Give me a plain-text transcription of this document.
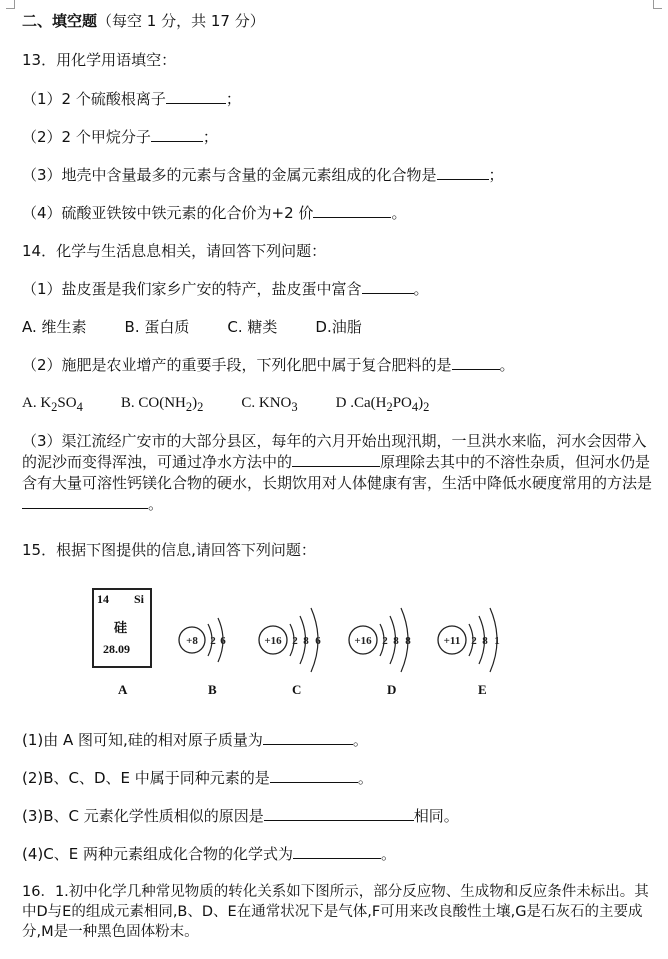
二、填空题（每空 1 分，共 17 分）
13．用化学用语填空：
（1）2 个硫酸根离子	；
（2）2 个甲烷分子	；
（3）地壳中含量最多的元素与含量的金属元素组成的化合物是	；
（4）硫酸亚铁铵中铁元素的化合价为+2 价	。
14．化学与生活息息相关，请回答下列问题：
（1）盐皮蛋是我们家乡广安的特产，盐皮蛋中富含	。
A. 维生素	B. 蛋白质	C. 糖类	D.油脂
（2）施肥是农业增产的重要手段，下列化肥中属于复合肥料的是	。
A. $K_2SO_4$	B. $CO(NH_2)_2$	C. $KNO_3$	D $.Ca(H_2PO_4)_2$
（3）渠江流经广安市的大部分县区，每年的六月开始出现汛期，一旦洪水来临，河水会因带入的泥沙而变得浑浊，可通过净水方法中的	原理除去其中的不溶性杂质，但河水仍是含有大量可溶性钙镁化合物的硬水，长期饮用对人体健康有害，生活中降低水硬度常用的方法是。
15．根据下图提供的信息,请回答下列问题：
14 Si
硅
28.09
A
+8 2 6	+16 2 8 6	+16 2 8 8	+11 2 8 1
B	C	D	E
(1)由 A 图可知,硅的相对原子质量为	。
(2)B、C、D、E 中属于同种元素的是	。
(3)B、C 元素化学性质相似的原因是	相同。
(4)C、E 两种元素组成化合物的化学式为	。
16．1.初中化学几种常见物质的转化关系如下图所示，部分反应物、生成物和反应条件未标出。其中D与E的组成元素相同,B、D、E在通常状况下是气体,F可用来改良酸性土壤,G是石灰石的主要成分,M是一种黑色固体粉末。
